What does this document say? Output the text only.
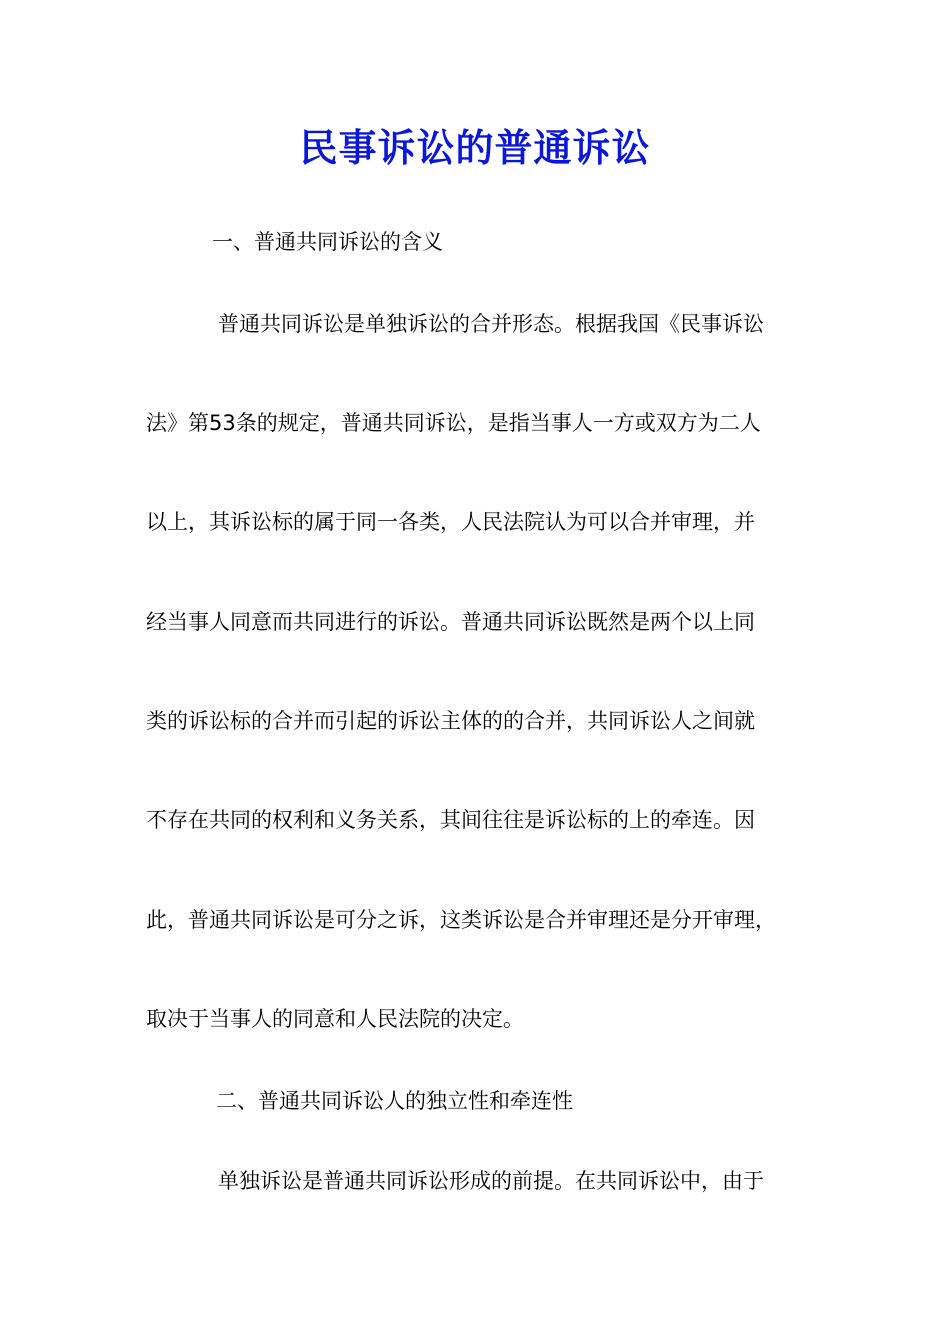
民事诉讼的普通诉讼
一、普通共同诉讼的含义
普通共同诉讼是单独诉讼的合并形态。根据我国《民事诉讼
法》第53条的规定，普通共同诉讼，是指当事人一方或双方为二人
以上，其诉讼标的属于同一各类，人民法院认为可以合并审理，并
经当事人同意而共同进行的诉讼。普通共同诉讼既然是两个以上同
类的诉讼标的合并而引起的诉讼主体的的合并，共同诉讼人之间就
不存在共同的权利和义务关系，其间往往是诉讼标的上的牵连。因
此，普通共同诉讼是可分之诉，这类诉讼是合并审理还是分开审理，
取决于当事人的同意和人民法院的决定。
二、普通共同诉讼人的独立性和牵连性
单独诉讼是普通共同诉讼形成的前提。在共同诉讼中，由于
